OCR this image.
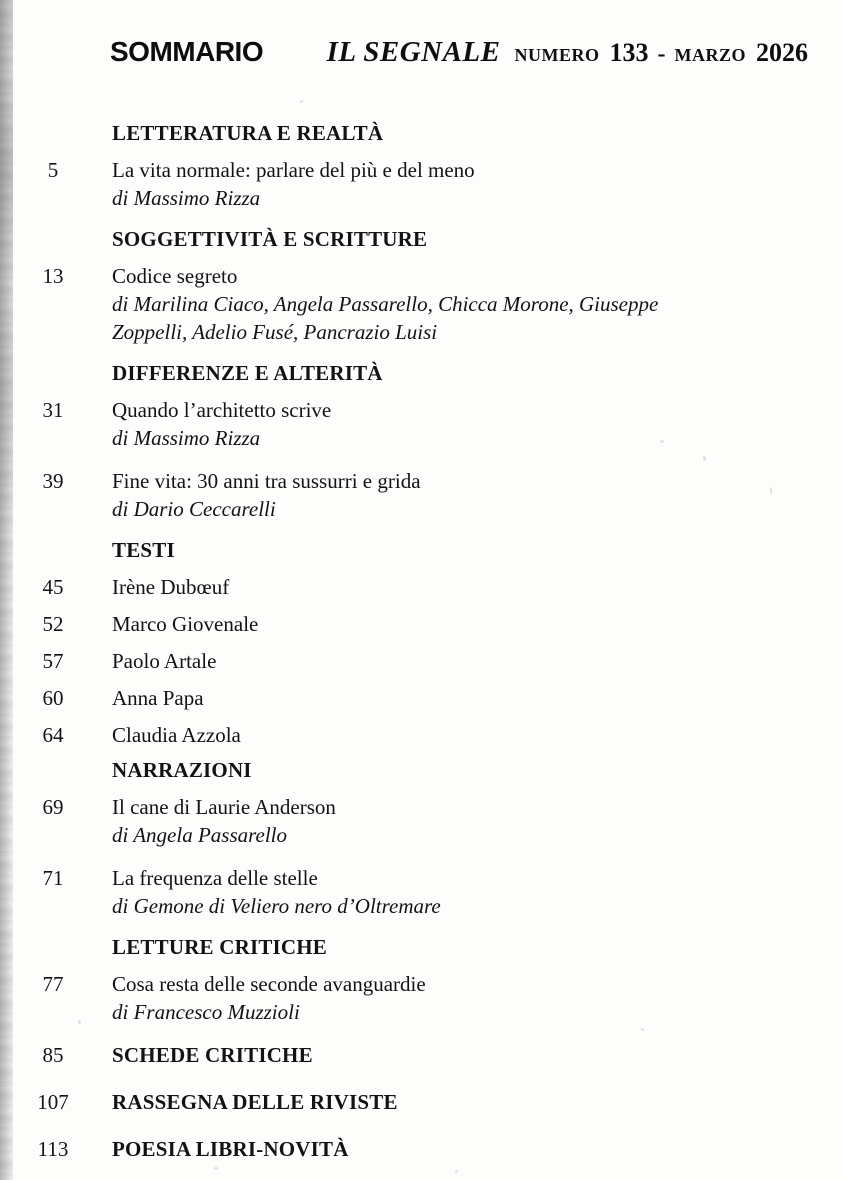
SOMMARIO IL SEGNALE NUMERO 133 - MARZO 2026
LETTERATURA E REALTÀ
5	La vita normale: parlare del più e del meno
di Massimo Rizza
SOGGETTIVITÀ E SCRITTURE
13	Codice segreto
di Marilina Ciaco, Angela Passarello, Chicca Morone, Giuseppe Zoppelli, Adelio Fusé, Pancrazio Luisi
DIFFERENZE E ALTERITÀ
31	Quando l’architetto scrive
di Massimo Rizza
39	Fine vita: 30 anni tra sussurri e grida
di Dario Ceccarelli
TESTI
45	Irène Dubœuf
52	Marco Giovenale
57	Paolo Artale
60	Anna Papa
64	Claudia Azzola
NARRAZIONI
69	Il cane di Laurie Anderson
di Angela Passarello
71	La frequenza delle stelle
di Gemone di Veliero nero d’Oltremare
LETTURE CRITICHE
77	Cosa resta delle seconde avanguardie
di Francesco Muzzioli
85	SCHEDE CRITICHE
107	RASSEGNA DELLE RIVISTE
113	POESIA LIBRI-NOVITÀ
